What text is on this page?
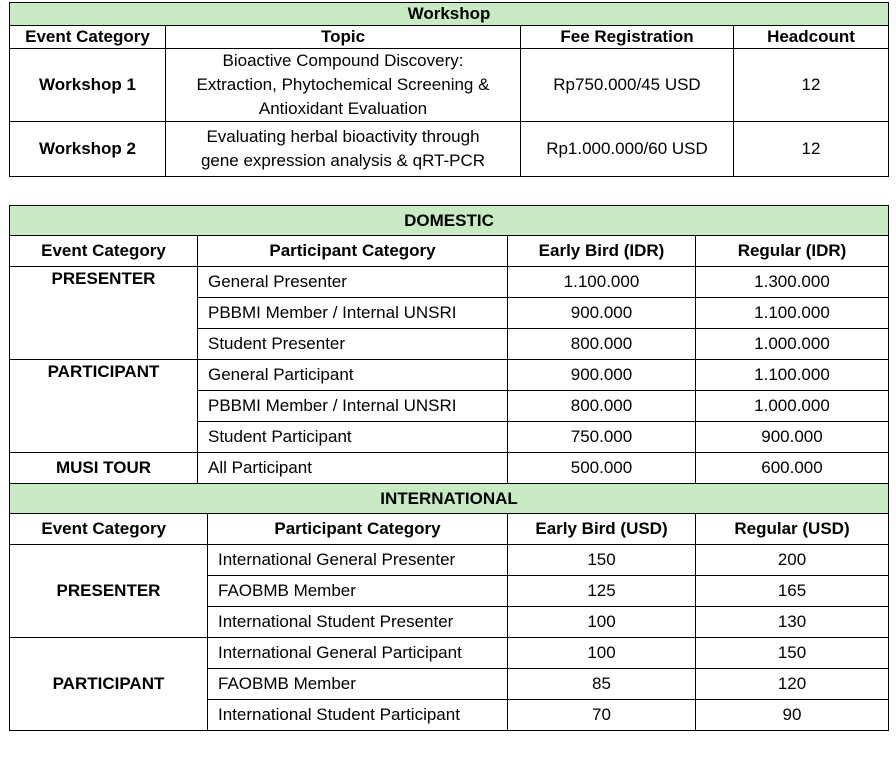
Workshop			
Event Category	Topic	Fee Registration	Headcount
Workshop 1	Bioactive Compound Discovery:
Extraction, Phytochemical Screening &
Antioxidant Evaluation	Rp750.000/45 USD	12
Workshop 2	Evaluating herbal bioactivity through
gene expression analysis & qRT-PCR	Rp1.000.000/60 USD	12
DOMESTIC				
Event Category	Participant Category		Early Bird (IDR)	Regular (IDR)
PRESENTER	General Presenter		1.100.000	1.300.000
	PBBMI Member / Internal UNSRI		900.000	1.100.000
	Student Presenter		800.000	1.000.000
PARTICIPANT	General Participant		900.000	1.100.000
	PBBMI Member / Internal UNSRI		800.000	1.000.000
	Student Participant		750.000	900.000
MUSI TOUR	All Participant		500.000	600.000
INTERNATIONAL				
Event Category		Participant Category	Early Bird (USD)	Regular (USD)
PRESENTER		International General Presenter	150	200
		FAOBMB Member	125	165
		International Student Presenter	100	130
PARTICIPANT		International General Participant	100	150
		FAOBMB Member	85	120
		International Student Participant	70	90
